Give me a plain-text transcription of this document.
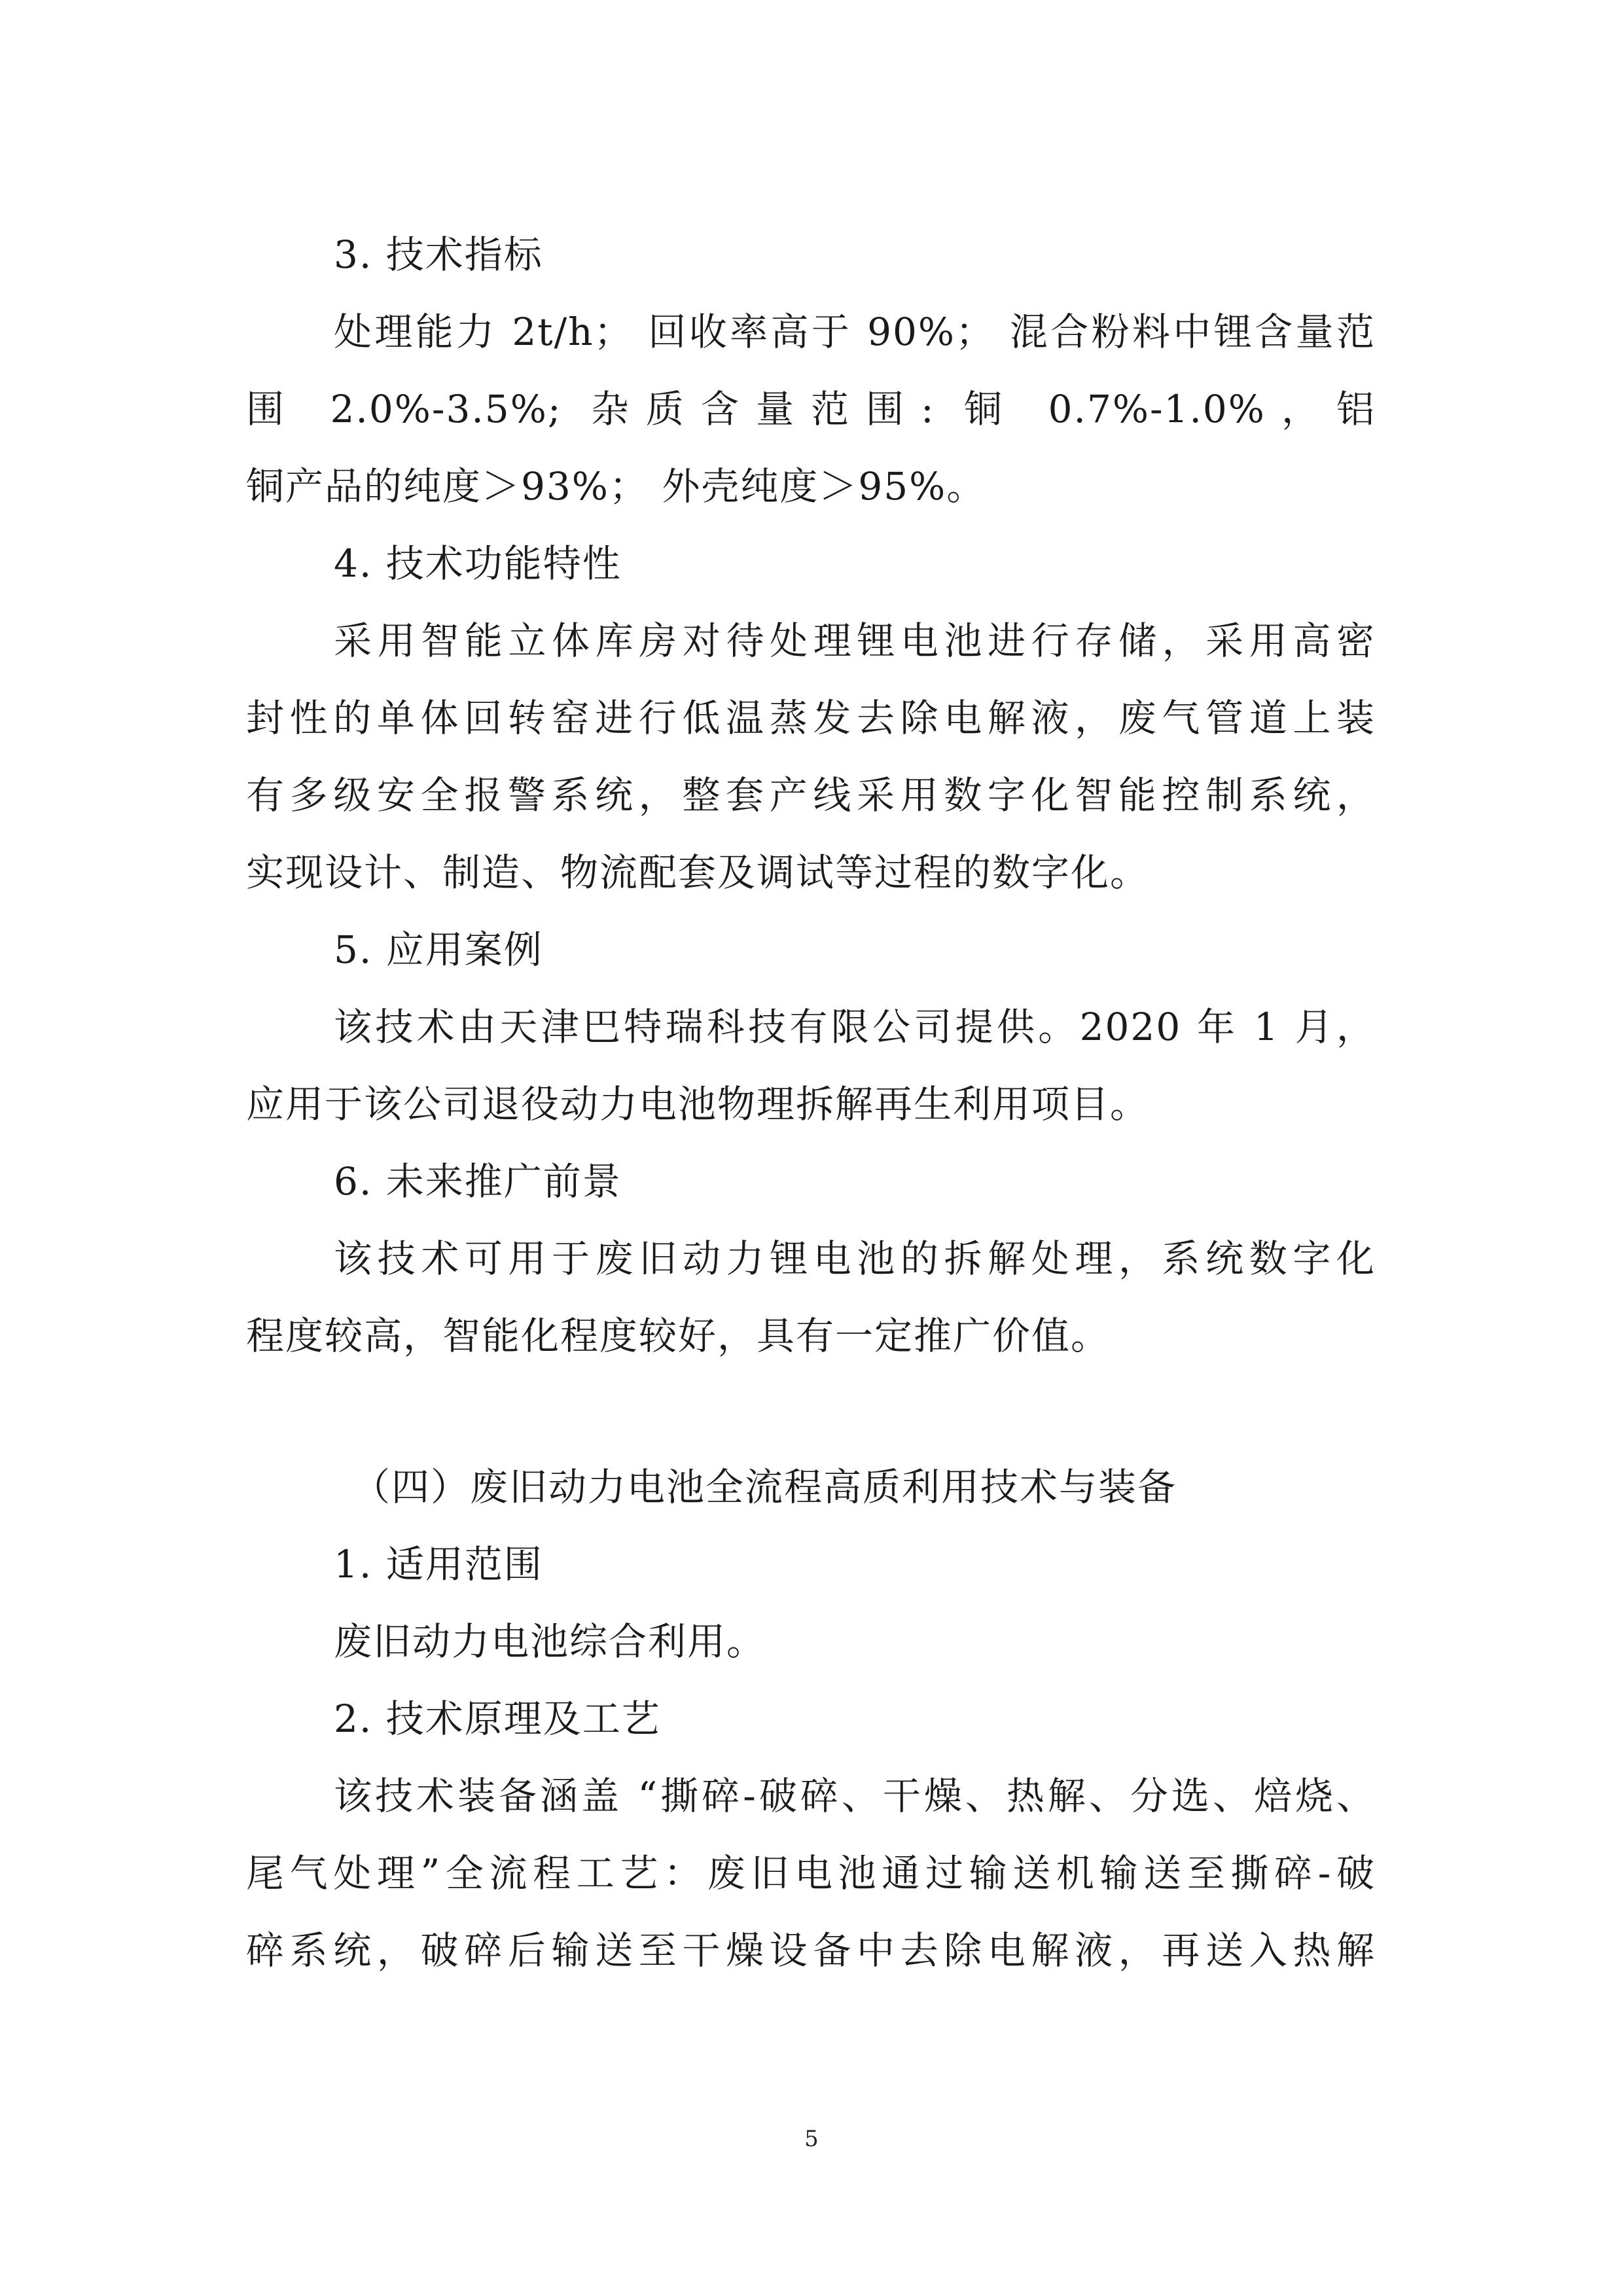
3. 技术指标
处理能力 2t/h； 回收率高于 90%； 混合粉料中锂含量范
围 2.0%-3.5%; 杂质含量范围: 铜 0.7%-1.0%，铝
铜产品的纯度＞93%； 外壳纯度＞95%。
4. 技术功能特性
采用智能立体库房对待处理锂电池进行存储，采用高密
封性的单体回转窑进行低温蒸发去除电解液，废气管道上装
有多级安全报警系统，整套产线采用数字化智能控制系统，
实现设计、制造、物流配套及调试等过程的数字化。
5. 应用案例
该技术由天津巴特瑞科技有限公司提供。2020 年 1 月，
应用于该公司退役动力电池物理拆解再生利用项目。
6. 未来推广前景
该技术可用于废旧动力锂电池的拆解处理，系统数字化
程度较高，智能化程度较好，具有一定推广价值。
（四）废旧动力电池全流程高质利用技术与装备
1. 适用范围
废旧动力电池综合利用。
2. 技术原理及工艺
该技术装备涵盖 “撕碎-破碎、干燥、热解、分选、焙烧、
尾气处理”全流程工艺：废旧电池通过输送机输送至撕碎-破
碎系统，破碎后输送至干燥设备中去除电解液，再送入热解
5
